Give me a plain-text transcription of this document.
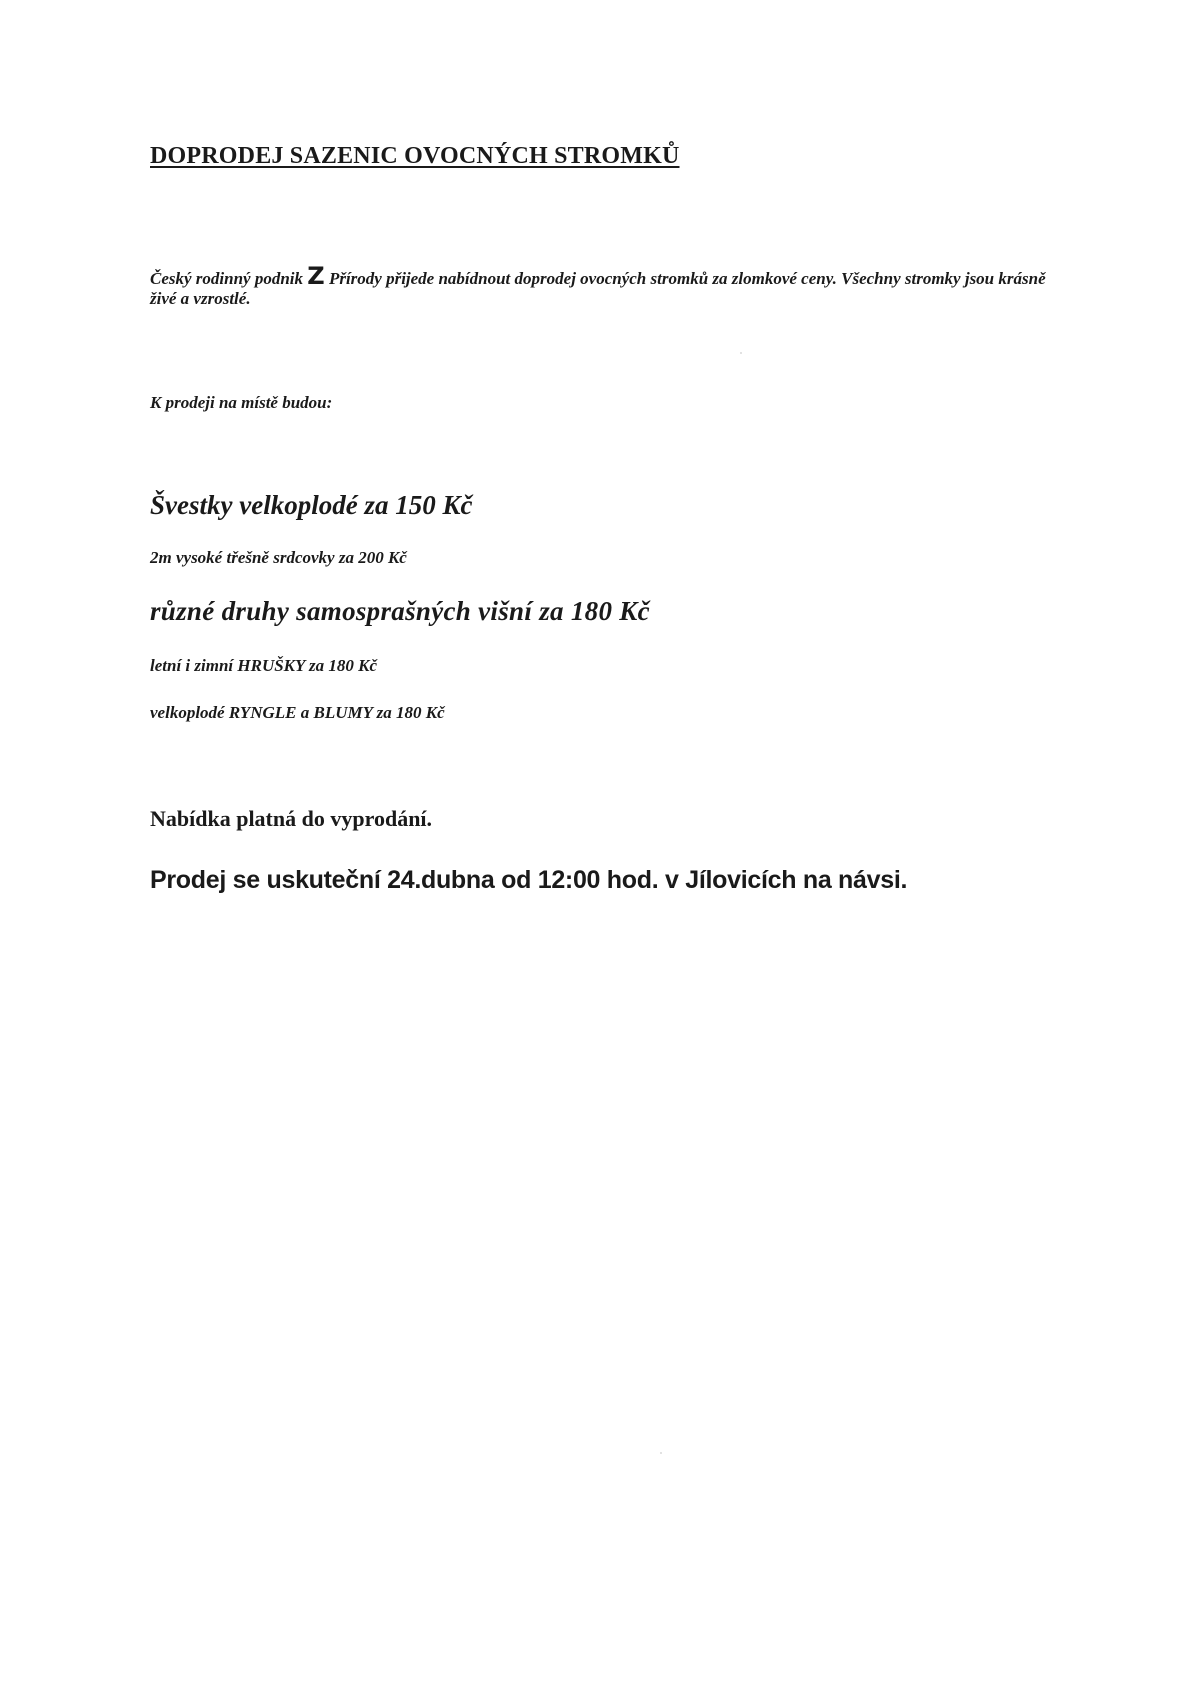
DOPRODEJ SAZENIC OVOCNÝCH STROMKŮ
Český rodinný podnik Z Přírody přijede nabídnout doprodej ovocných stromků za zlomkové ceny. Všechny stromky jsou krásně živé a vzrostlé.
K prodeji na místě budou:
Švestky velkoplodé za 150 Kč
2m vysoké třešně srdcovky za 200 Kč
různé druhy samosprašných višní za 180 Kč
letní i zimní HRUŠKY za 180 Kč
velkoplodé RYNGLE a BLUMY za 180 Kč
Nabídka platná do vyprodání.
Prodej se uskuteční 24.dubna od 12:00 hod. v Jílovicích na návsi.
